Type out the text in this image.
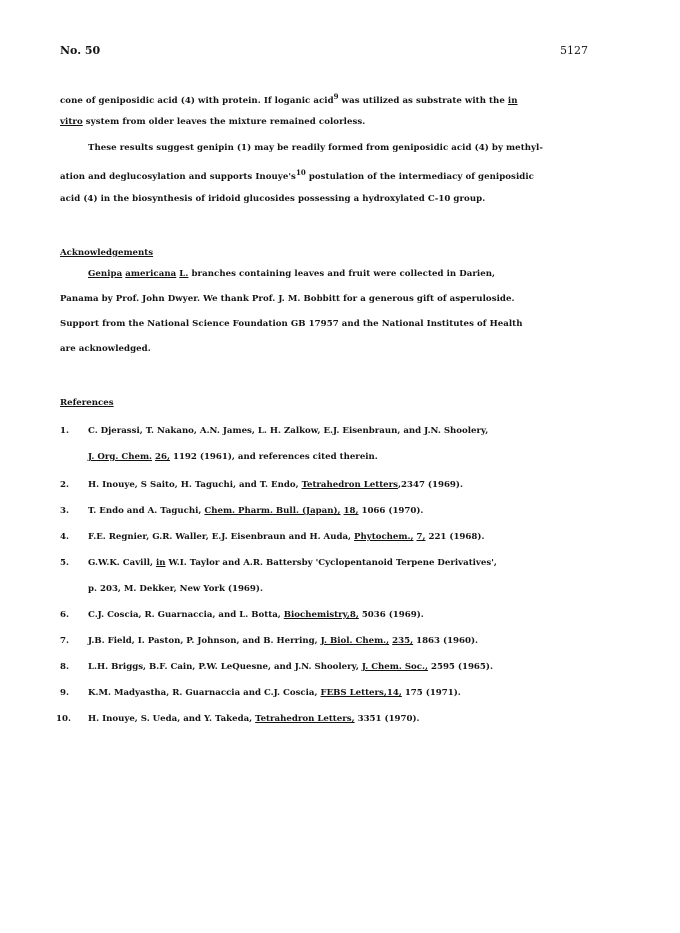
No. 50	5127
cone of geniposidic acid (4) with protein. If loganic acid$^9$ was utilized as substrate with the in
vitro system from older leaves the mixture remained colorless.
These results suggest genipin (1) may be readily formed from geniposidic acid (4) by methyl-
ation and deglucosylation and supports $Inouye's^{10}$ postulation of the intermediacy of geniposidic
acid (4) in the biosynthesis of iridoid glucosides possessing a hydroxylated C-10 group.
Acknowledgements
Genipa americana L. branches containing leaves and fruit were collected in Darien,
Panama by Prof. John Dwyer. We thank Prof. J. M. Bobbitt for a generous gift of asperuloside.
Support from the National Science Foundation GB 17957 and the National Institutes of Health
are acknowledged.
References
1. C. Djerassi, T. Nakano, A.N. James, L. H. Zalkow, E.J. Eisenbraun, and J.N. Shoolery,
J. Org. Chem. 26, 1192 (1961), and references cited therein.
2. H. Inouye, S Saito, H. Taguchi, and T. Endo, Tetrahedron Letters,2347 (1969).
3. T. Endo and A. Taguchi, Chem. Pharm. Bull. (Japan), 18, 1066 (1970).
4. F.E. Regnier, G.R. Waller, E.J. Eisenbraun and H. Auda, Phytochem., 7, 221 (1968).
5. G.W.K. Cavill, in W.I. Taylor and A.R. Battersby 'Cyclopentanoid Terpene Derivatives',
p. 203, M. Dekker, New York (1969).
6. C.J. Coscia, R. Guarnaccia, and L. Botta, Biochemistry,8, 5036 (1969).
7. J.B. Field, I. Paston, P. Johnson, and B. Herring, J. Biol. Chem., 235, 1863 (1960).
8. L.H. Briggs, B.F. Cain, P.W. LeQuesne, and J.N. Shoolery, J. Chem. Soc., 2595 (1965).
9. K.M. Madyastha, R. Guarnaccia and C.J. Coscia, FEBS Letters,14, 175 (1971).
10. H. Inouye, S. Ueda, and Y. Takeda, Tetrahedron Letters, 3351 (1970).
